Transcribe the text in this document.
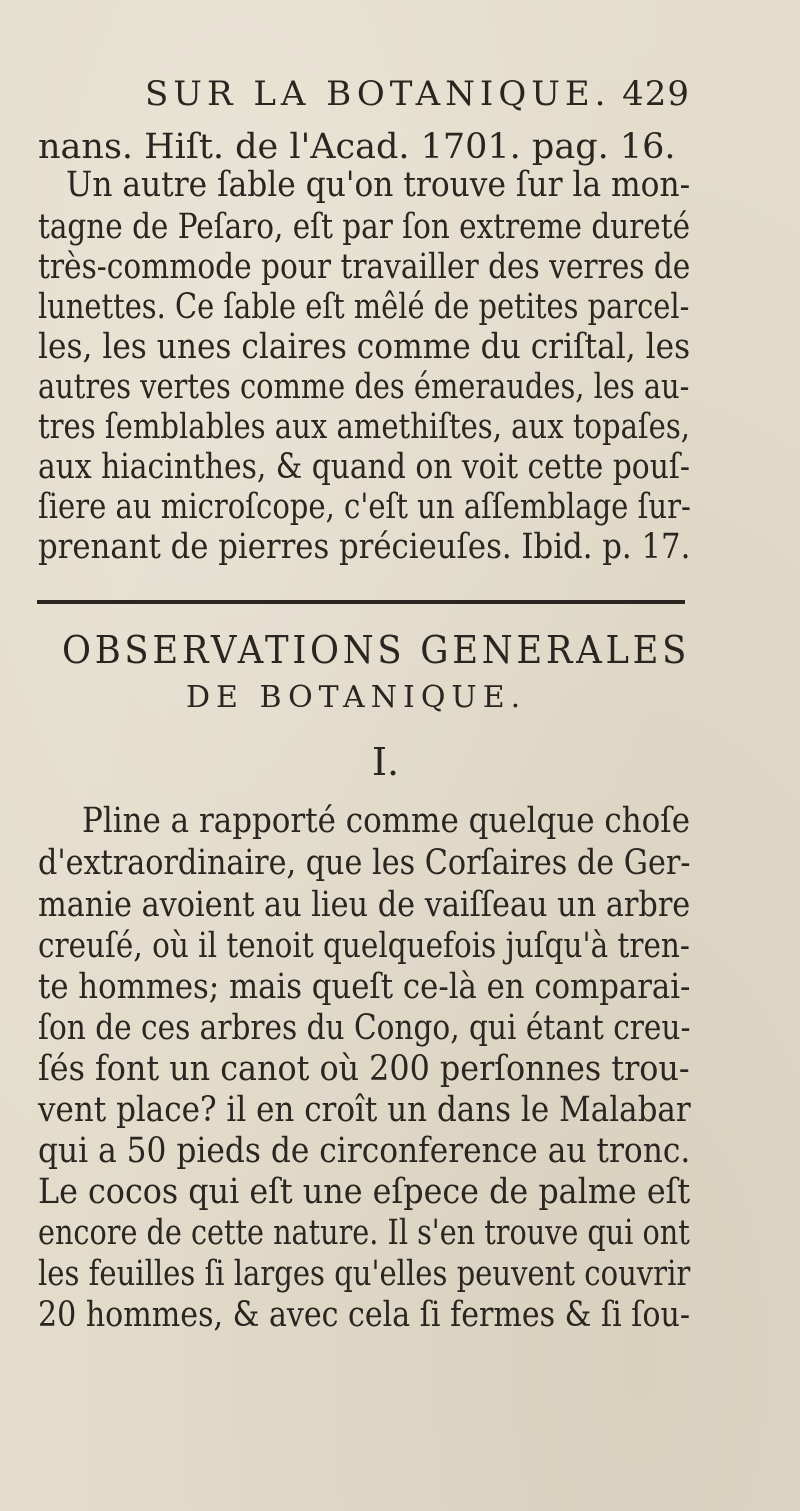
SUR LA BOTANIQUE. 429
nans. Hiſt. de l'Acad. 1701. pag. 16.
Un autre ſable qu'on trouve ſur la mon-
tagne de Peſaro, eſt par ſon extreme dureté
très-commode pour travailler des verres de
lunettes. Ce ſable eſt mêlé de petites parcel-
les, les unes claires comme du criſtal, les
autres vertes comme des émeraudes, les au-
tres ſemblables aux amethiſtes, aux topaſes,
aux hiacinthes, & quand on voit cette pouſ-
ſiere au microſcope, c'eſt un aſſemblage ſur-
prenant de pierres précieuſes. Ibid. p. 17.
OBSERVATIONS GENERALES
DE BOTANIQUE.
I.
Pline a rapporté comme quelque choſe
d'extraordinaire, que les Corſaires de Ger-
manie avoient au lieu de vaiſſeau un arbre
creuſé, où il tenoit quelquefois juſqu'à tren-
te hommes; mais queſt ce-là en comparai-
ſon de ces arbres du Congo, qui étant creu-
ſés font un canot où 200 perſonnes trou-
vent place? il en croît un dans le Malabar
qui a 50 pieds de circonference au tronc.
Le cocos qui eſt une eſpece de palme eſt
encore de cette nature. Il s'en trouve qui ont
les feuilles ſi larges qu'elles peuvent couvrir
20 hommes, & avec cela ſi fermes & ſi ſou-
